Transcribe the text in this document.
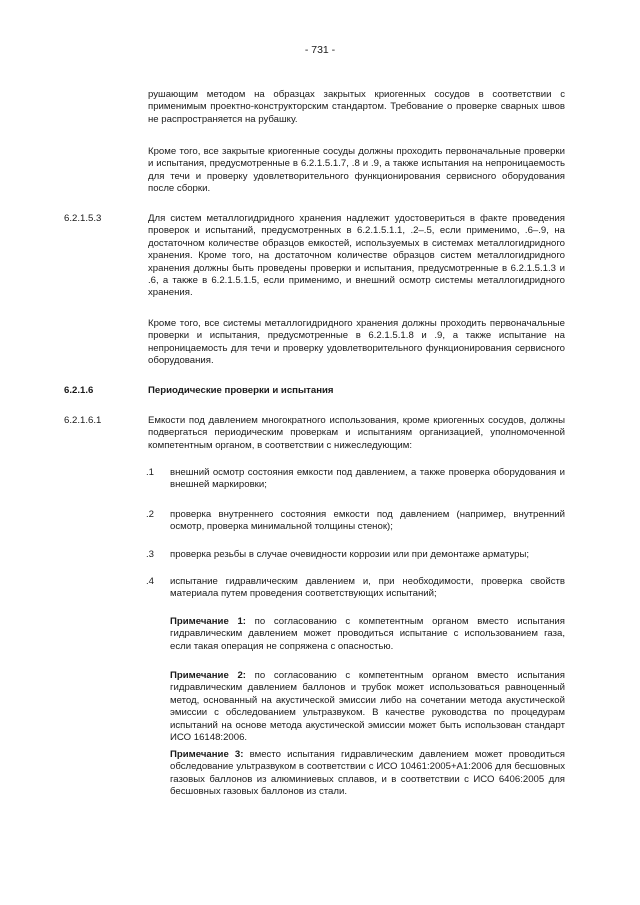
- 731 -

рушающим методом на образцах закрытых криогенных сосудов в соответствии с применимым проектно-конструкторским стандартом. Требование о проверке сварных швов не распространяется на рубашку.

Кроме того, все закрытые криогенные сосуды должны проходить первоначальные проверки и испытания, предусмотренные в 6.2.1.5.1.7, .8 и .9, а также испытания на непроницаемость для течи и проверку удовлетворительного функционирования сервисного оборудования после сборки.

6.2.1.5.3	Для систем металлогидридного хранения надлежит удостовериться в факте проведения проверок и испытаний, предусмотренных в 6.2.1.5.1.1, .2–.5, если применимо, .6–.9, на достаточном количестве образцов емкостей, используемых в системах металлогидридного хранения. Кроме того, на достаточном количестве образцов систем металлогидридного хранения должны быть проведены проверки и испытания, предусмотренные в 6.2.1.5.1.3 и .6, а также в 6.2.1.5.1.5, если применимо, и внешний осмотр системы металлогидридного хранения.

Кроме того, все системы металлогидридного хранения должны проходить первоначальные проверки и испытания, предусмотренные в 6.2.1.5.1.8 и .9, а также испытание на непроницаемость для течи и проверку удовлетворительного функционирования сервисного оборудования.

6.2.1.6	Периодические проверки и испытания

6.2.1.6.1	Емкости под давлением многократного использования, кроме криогенных сосудов, должны подвергаться периодическим проверкам и испытаниям организацией, уполномоченной компетентным органом, в соответствии с нижеследующим:

.1 внешний осмотр состояния емкости под давлением, а также проверка оборудования и внешней маркировки;

.2 проверка внутреннего состояния емкости под давлением (например, внутренний осмотр, проверка минимальной толщины стенок);

.3 проверка резьбы в случае очевидности коррозии или при демонтаже арматуры;

.4 испытание гидравлическим давлением и, при необходимости, проверка свойств материала путем проведения соответствующих испытаний;

Примечание 1: по согласованию с компетентным органом вместо испытания гидравлическим давлением может проводиться испытание с использованием газа, если такая операция не сопряжена с опасностью.

Примечание 2: по согласованию с компетентным органом вместо испытания гидравлическим давлением баллонов и трубок может использоваться равноценный метод, основанный на акустической эмиссии либо на сочетании метода акустической эмиссии с обследованием ультразвуком. В качестве руководства по процедурам испытаний на основе метода акустической эмиссии может быть использован стандарт ИСО 16148:2006.

Примечание 3: вместо испытания гидравлическим давлением может проводиться обследование ультразвуком в соответствии с ИСО 10461:2005+A1:2006 для бесшовных газовых баллонов из алюминиевых сплавов, и в соответствии с ИСО 6406:2005 для бесшовных газовых баллонов из стали.
